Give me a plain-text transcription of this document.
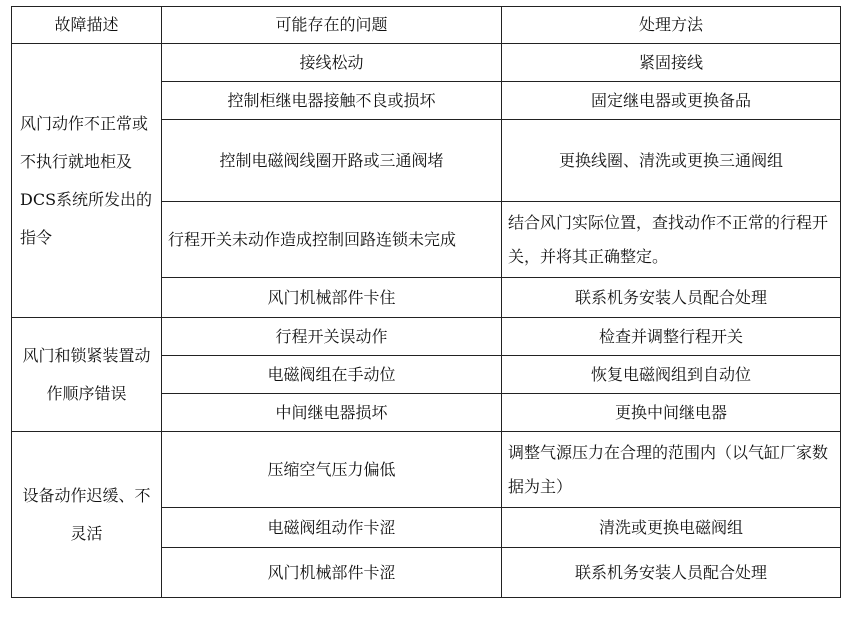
故障描述	可能存在的问题	处理方法
风门动作不正常或不执行就地柜及DCS系统所发出的指令	接线松动	紧固接线
	控制柜继电器接触不良或损坏	固定继电器或更换备品
	控制电磁阀线圈开路或三通阀堵	更换线圈、清洗或更换三通阀组
	行程开关未动作造成控制回路连锁未完成	结合风门实际位置，查找动作不正常的行程开关，并将其正确整定。
	风门机械部件卡住	联系机务安装人员配合处理
风门和锁紧装置动作顺序错误	行程开关误动作	检查并调整行程开关
	电磁阀组在手动位	恢复电磁阀组到自动位
	中间继电器损坏	更换中间继电器
设备动作迟缓、不灵活	压缩空气压力偏低	调整气源压力在合理的范围内（以气缸厂家数据为主）
	电磁阀组动作卡涩	清洗或更换电磁阀组
	风门机械部件卡涩	联系机务安装人员配合处理
